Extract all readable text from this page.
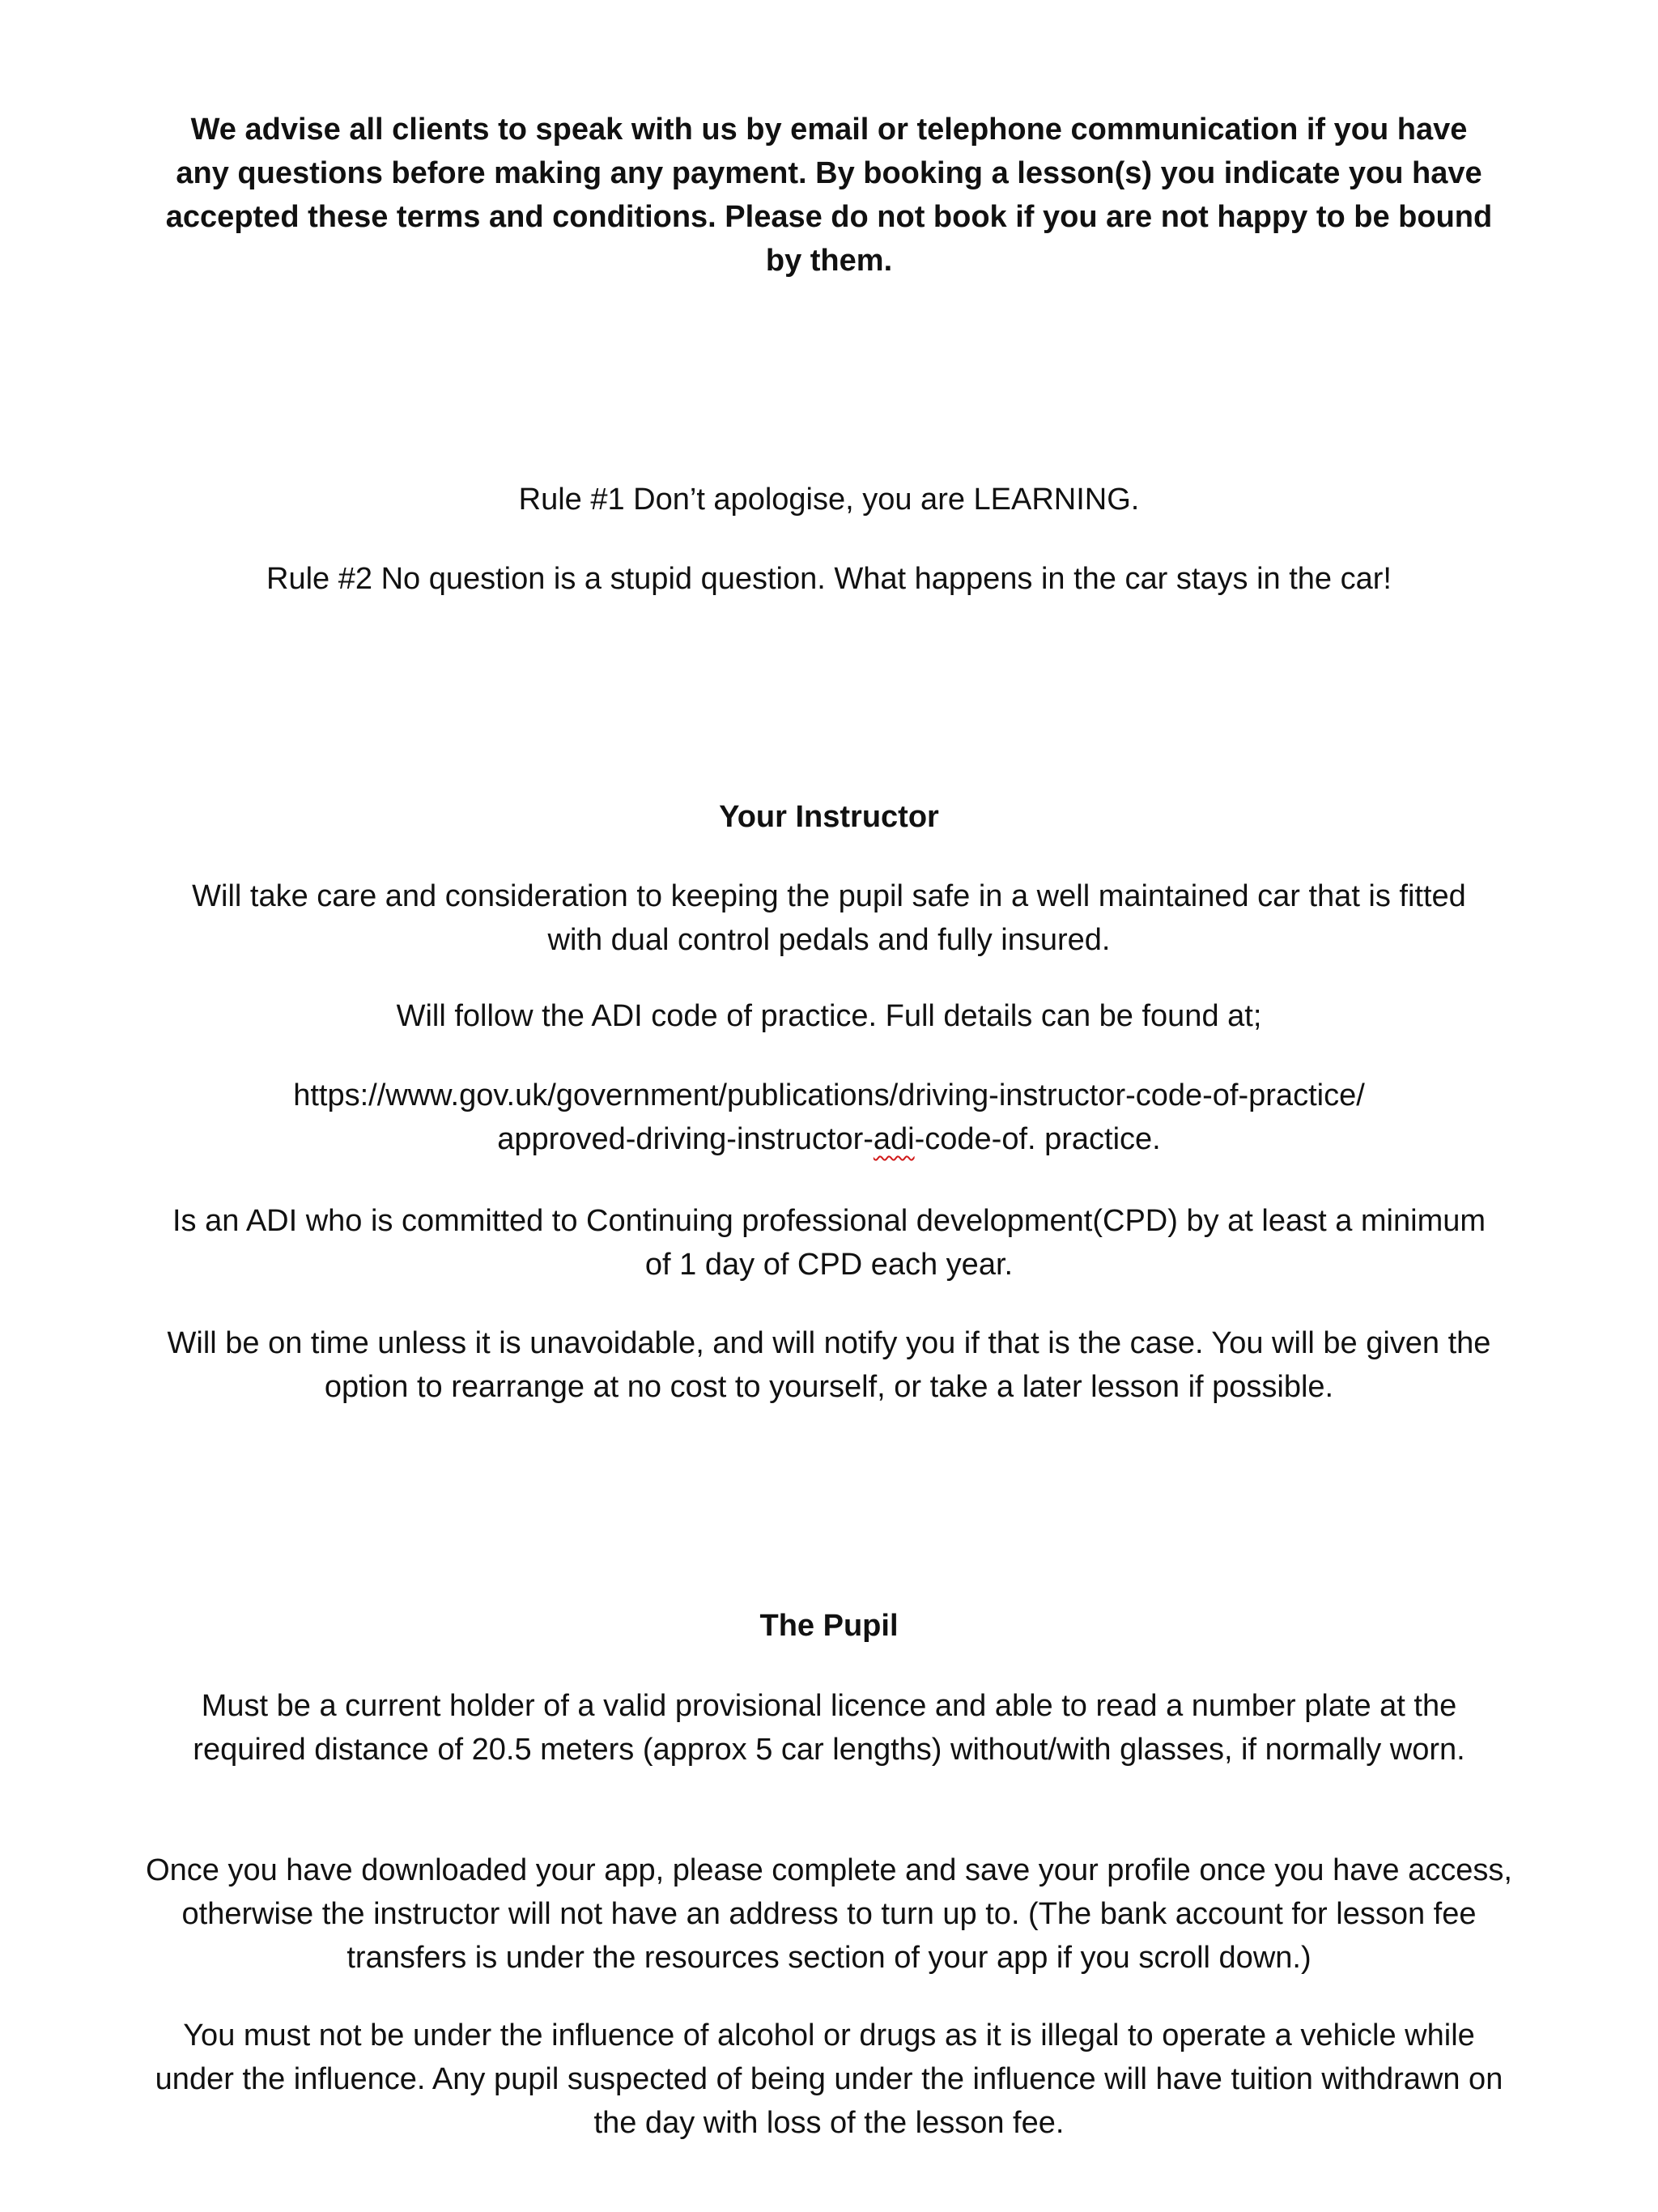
We advise all clients to speak with us by email or telephone communication if you have any questions before making any payment. By booking a lesson(s) you indicate you have accepted these terms and conditions. Please do not book if you are not happy to be bound by them.

Rule #1 Don’t apologise, you are LEARNING.

Rule #2 No question is a stupid question. What happens in the car stays in the car!

Your Instructor

Will take care and consideration to keeping the pupil safe in a well maintained car that is fitted with dual control pedals and fully insured.

Will follow the ADI code of practice. Full details can be found at;

https://www.gov.uk/government/publications/driving-instructor-code-of-practice/

approved-driving-instructor-adi-code-of. practice.

Is an ADI who is committed to Continuing professional development(CPD) by at least a minimum of 1 day of CPD each year.

Will be on time unless it is unavoidable, and will notify you if that is the case. You will be given the option to rearrange at no cost to yourself, or take a later lesson if possible.

The Pupil

Must be a current holder of a valid provisional licence and able to read a number plate at the required distance of 20.5 meters (approx 5 car lengths) without/with glasses, if normally worn.

Once you have downloaded your app, please complete and save your profile once you have access, otherwise the instructor will not have an address to turn up to. (The bank account for lesson fee transfers is under the resources section of your app if you scroll down.)

You must not be under the influence of alcohol or drugs as it is illegal to operate a vehicle while under the influence. Any pupil suspected of being under the influence will have tuition withdrawn on the day with loss of the lesson fee.
